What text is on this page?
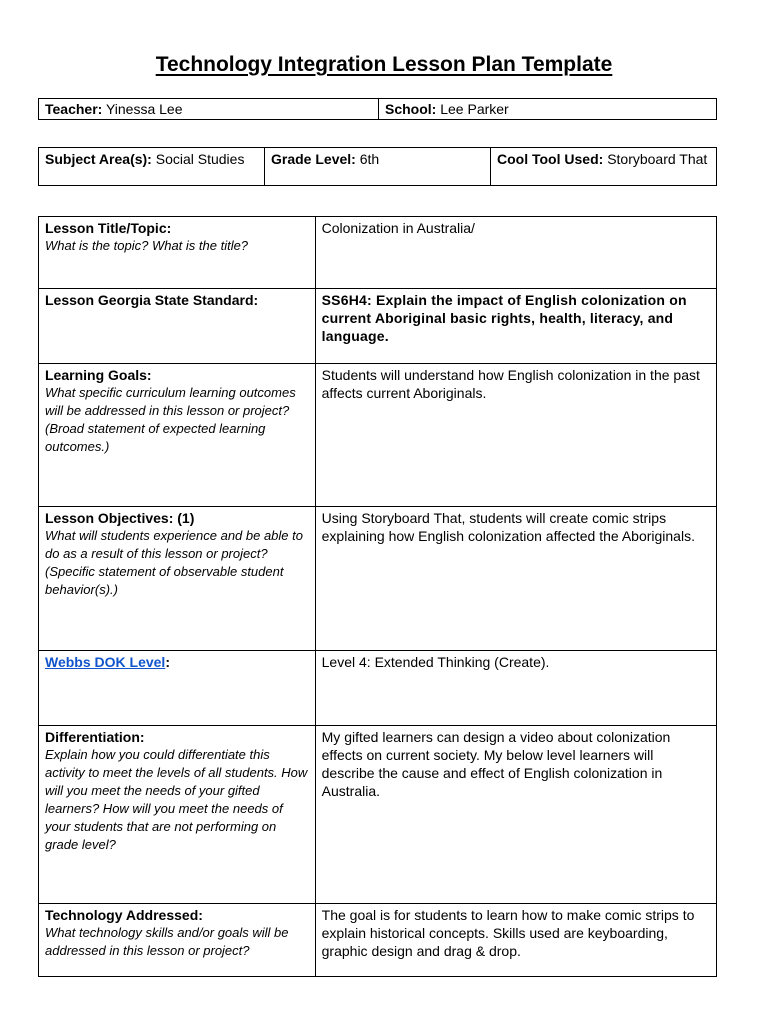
Technology Integration Lesson Plan Template
Teacher: Yinessa Lee	School: Lee Parker
Subject Area(s): Social Studies	Grade Level: 6th	Cool Tool Used: Storyboard That
Lesson Title/Topic:
What is the topic? What is the title?	Colonization in Australia/

Lesson Georgia State Standard:	SS6H4: Explain the impact of English colonization on current Aboriginal basic rights, health, literacy, and language.

Learning Goals:
What specific curriculum learning outcomes will be addressed in this lesson or project? (Broad statement of expected learning outcomes.)	Students will understand how English colonization in the past affects current Aboriginals.

Lesson Objectives: (1)
What will students experience and be able to do as a result of this lesson or project? (Specific statement of observable student behavior(s).)	Using Storyboard That, students will create comic strips explaining how English colonization affected the Aboriginals.
Webbs DOK Level:	Level 4: Extended Thinking (Create).

Differentiation:
Explain how you could differentiate this activity to meet the levels of all students. How will you meet the needs of your gifted learners? How will you meet the needs of your students that are not performing on grade level?	My gifted learners can design a video about colonization effects on current society. My below level learners will describe the cause and effect of English colonization in Australia.

Technology Addressed:
What technology skills and/or goals will be addressed in this lesson or project?	The goal is for students to learn how to make comic strips to explain historical concepts. Skills used are keyboarding, graphic design and drag & drop.
